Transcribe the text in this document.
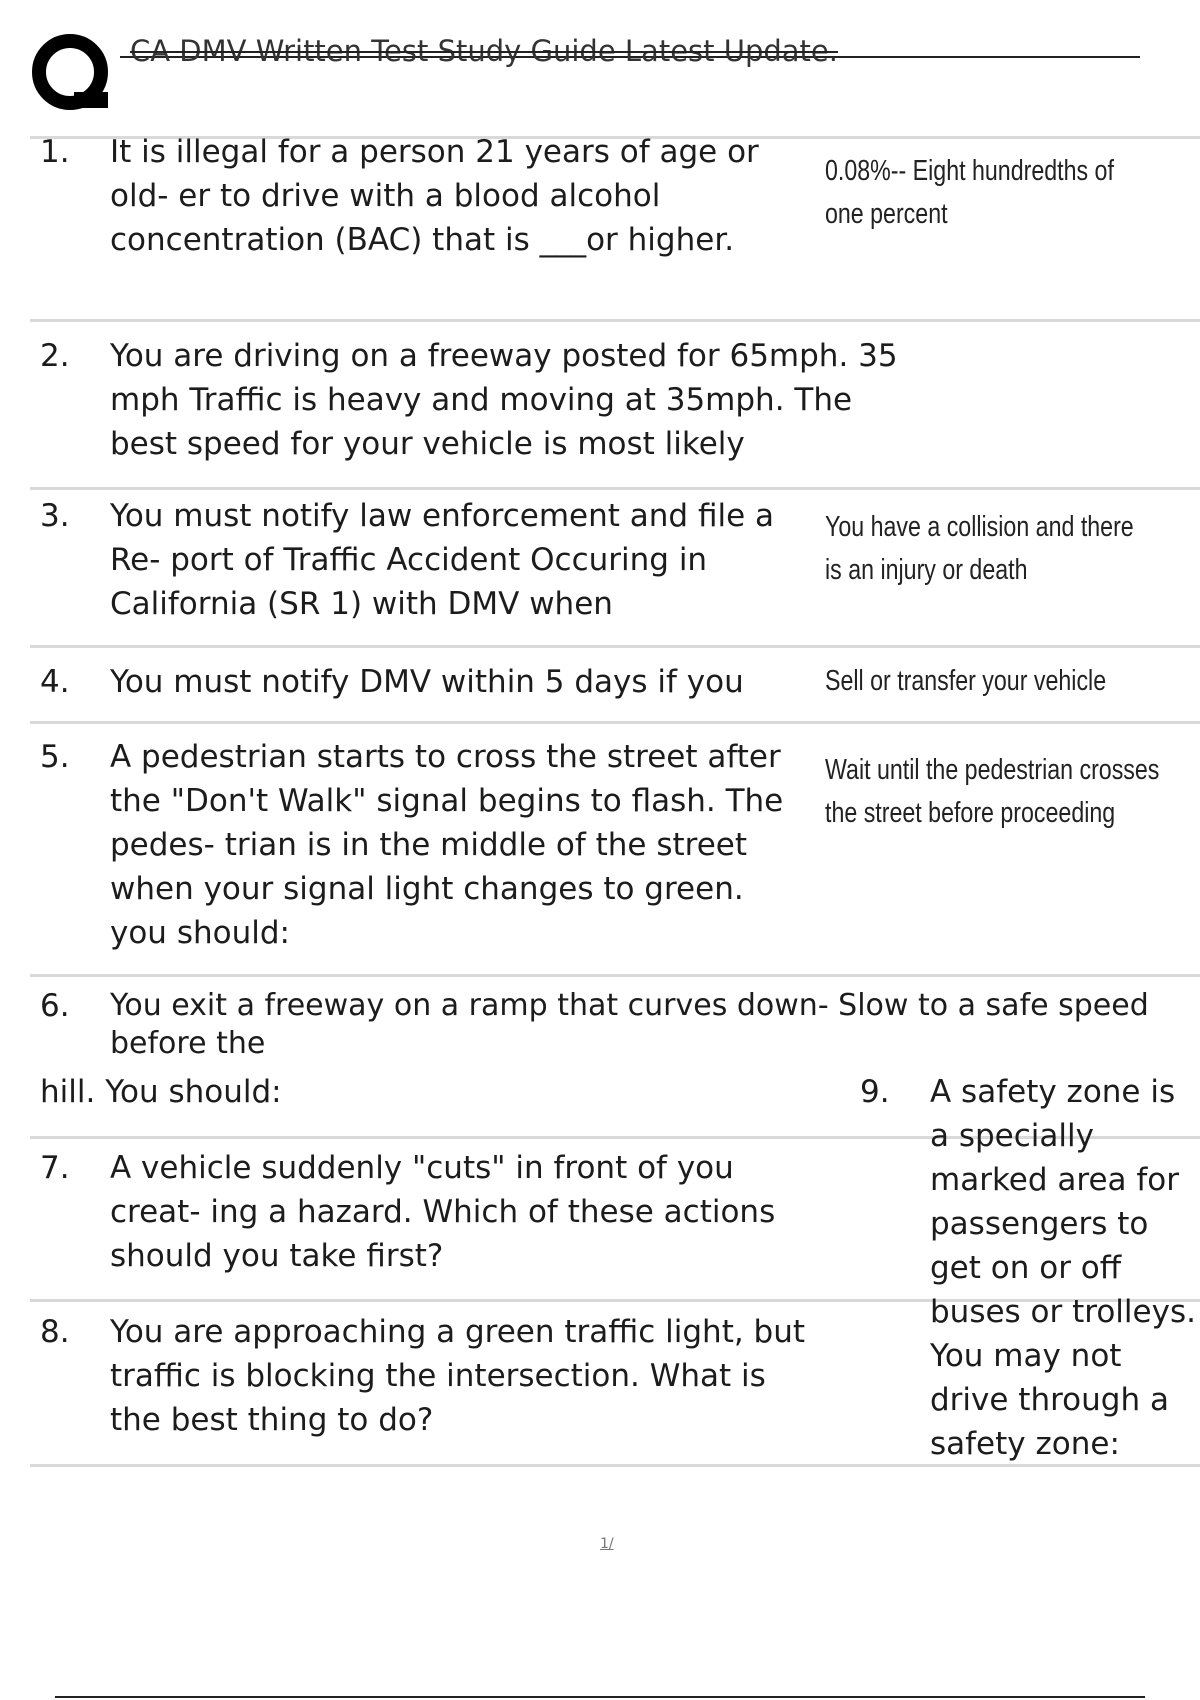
CA DMV Written Test Study Guide Latest Update.
1. It is illegal for a person 21 years of age or old- er to drive with a blood alcohol concentration (BAC) that is ___or higher.
0.08%-- Eight hundredths of one percent
2. You are driving on a freeway posted for 65mph. 35 mph Traffic is heavy and moving at 35mph. The best speed for your vehicle is most likely
3. You must notify law enforcement and file a Re- port of Traffic Accident Occuring in California (SR 1) with DMV when
You have a collision and there is an injury or death
4. You must notify DMV within 5 days if you	Sell or transfer your vehicle
5. A pedestrian starts to cross the street after the "Don't Walk" signal begins to flash. The pedes- trian is in the middle of the street when your signal light changes to green. you should:
Wait until the pedestrian crosses the street before proceeding
6. You exit a freeway on a ramp that curves down- Slow to a safe speed
before the
hill. You should:
7. A vehicle suddenly "cuts" in front of you creat- ing a hazard. Which of these actions should you take first?
8. You are approaching a green traffic light, but traffic is blocking the intersection. What is the best thing to do?
9. A safety zone is a specially marked area for passengers to get on or off buses or trolleys. You may not drive through a safety zone:
1/
